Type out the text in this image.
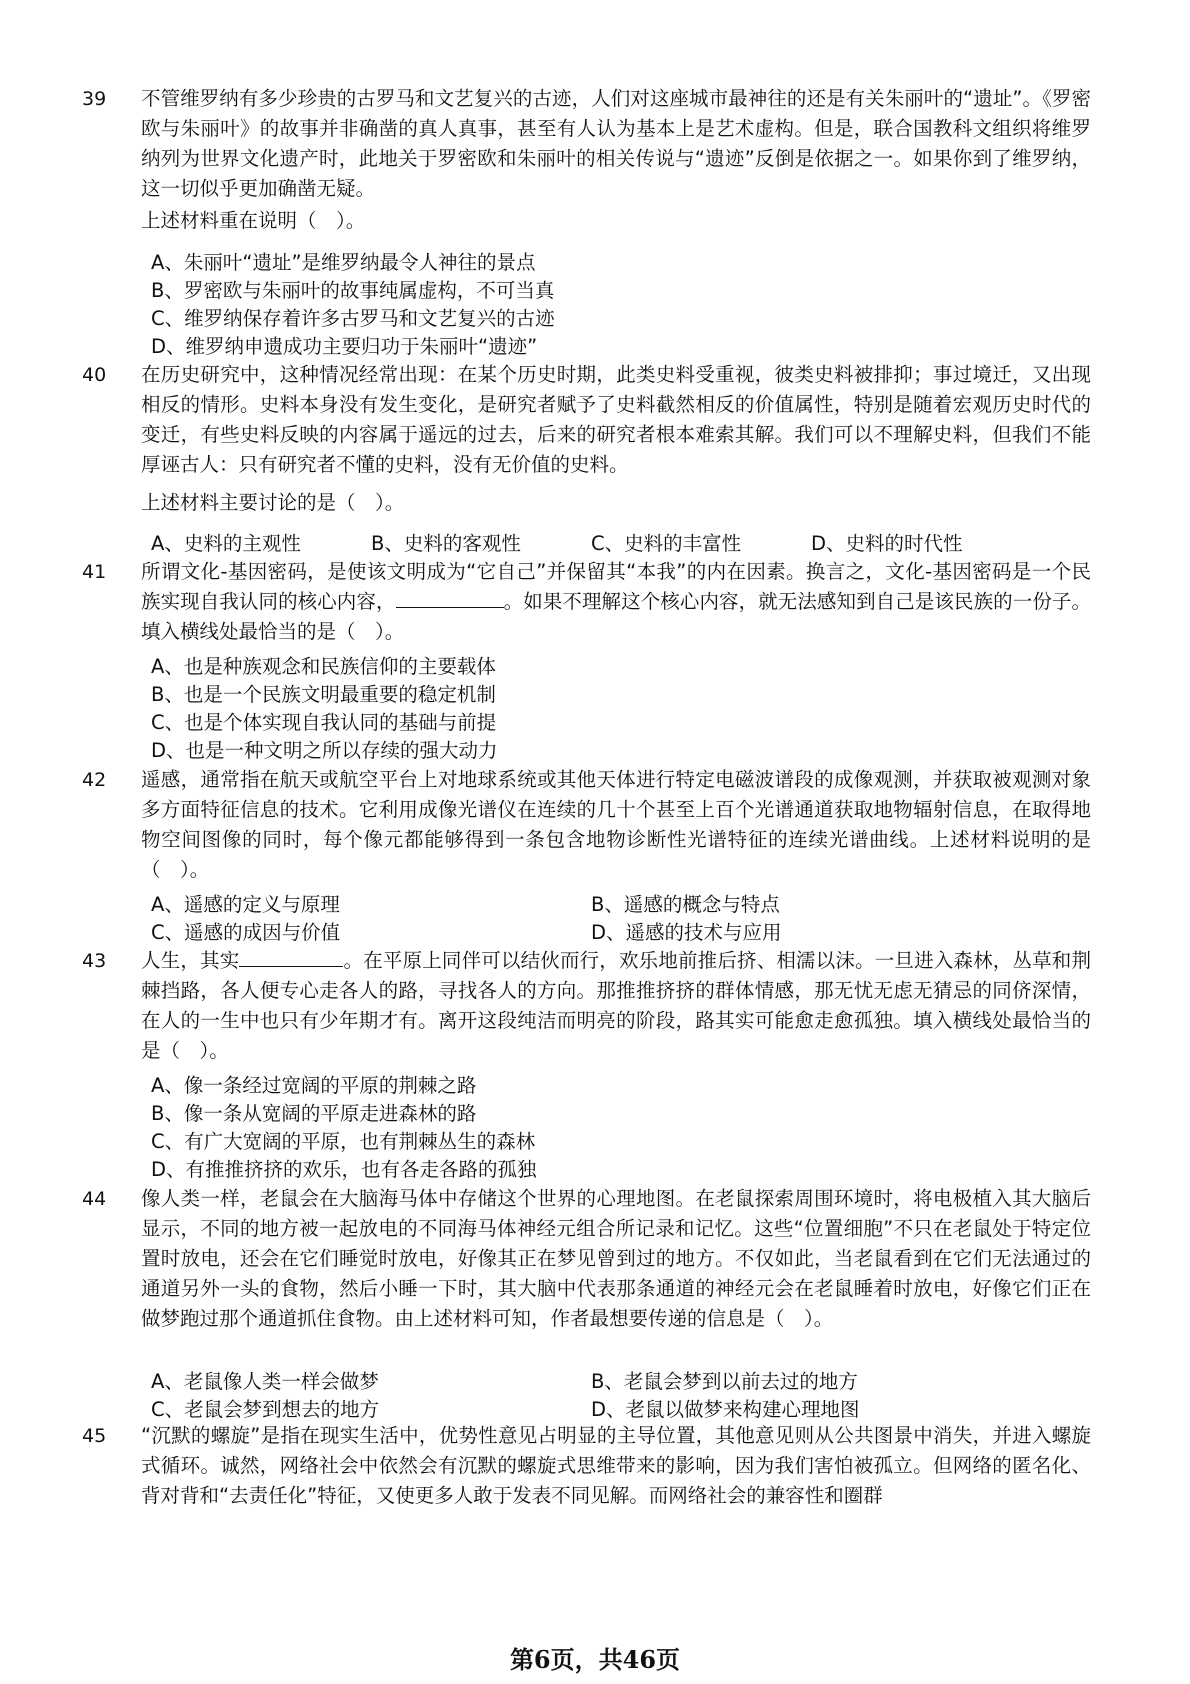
39 不管维罗纳有多少珍贵的古罗马和文艺复兴的古迹，人们对这座城市最神往的还是有关朱丽叶的“遗址”。《罗密欧与朱丽叶》的故事并非确凿的真人真事，甚至有人认为基本上是艺术虚构。但是，联合国教科文组织将维罗纳列为世界文化遗产时，此地关于罗密欧和朱丽叶的相关传说与“遗迹”反倒是依据之一。如果你到了维罗纳，这一切似乎更加确凿无疑。
上述材料重在说明（　）。
A、朱丽叶“遗址”是维罗纳最令人神往的景点
B、罗密欧与朱丽叶的故事纯属虚构，不可当真
C、维罗纳保存着许多古罗马和文艺复兴的古迹
D、维罗纳申遗成功主要归功于朱丽叶“遗迹”
40 在历史研究中，这种情况经常出现：在某个历史时期，此类史料受重视，彼类史料被排抑；事过境迁，又出现相反的情形。史料本身没有发生变化，是研究者赋予了史料截然相反的价值属性，特别是随着宏观历史时代的变迁，有些史料反映的内容属于遥远的过去，后来的研究者根本难索其解。我们可以不理解史料，但我们不能厚诬古人：只有研究者不懂的史料，没有无价值的史料。
上述材料主要讨论的是（　）。
A、史料的主观性	B、史料的客观性	C、史料的丰富性	D、史料的时代性
41 所谓文化-基因密码，是使该文明成为“它自己”并保留其“本我”的内在因素。换言之，文化-基因密码是一个民族实现自我认同的核心内容，	。如果不理解这个核心内容，就无法感知到自己是该民族的一份子。填入横线处最恰当的是（　）。
A、也是种族观念和民族信仰的主要载体
B、也是一个民族文明最重要的稳定机制
C、也是个体实现自我认同的基础与前提
D、也是一种文明之所以存续的强大动力
42 遥感，通常指在航天或航空平台上对地球系统或其他天体进行特定电磁波谱段的成像观测，并获取被观测对象多方面特征信息的技术。它利用成像光谱仪在连续的几十个甚至上百个光谱通道获取地物辐射信息，在取得地物空间图像的同时，每个像元都能够得到一条包含地物诊断性光谱特征的连续光谱曲线。上述材料说明的是（　）。
A、遥感的定义与原理	B、遥感的概念与特点
C、遥感的成因与价值	D、遥感的技术与应用
43 人生，其实	。在平原上同伴可以结伙而行，欢乐地前推后挤、相濡以沫。一旦进入森林，丛草和荆棘挡路，各人便专心走各人的路，寻找各人的方向。那推推挤挤的群体情感，那无忧无虑无猜忌的同侪深情，在人的一生中也只有少年期才有。离开这段纯洁而明亮的阶段，路其实可能愈走愈孤独。填入横线处最恰当的是（　）。
A、像一条经过宽阔的平原的荆棘之路
B、像一条从宽阔的平原走进森林的路
C、有广大宽阔的平原，也有荆棘丛生的森林
D、有推推挤挤的欢乐，也有各走各路的孤独
44 像人类一样，老鼠会在大脑海马体中存储这个世界的心理地图。在老鼠探索周围环境时，将电极植入其大脑后显示，不同的地方被一起放电的不同海马体神经元组合所记录和记忆。这些“位置细胞”不只在老鼠处于特定位置时放电，还会在它们睡觉时放电，好像其正在梦见曾到过的地方。不仅如此，当老鼠看到在它们无法通过的通道另外一头的食物，然后小睡一下时，其大脑中代表那条通道的神经元会在老鼠睡着时放电，好像它们正在做梦跑过那个通道抓住食物。由上述材料可知，作者最想要传递的信息是（　）。
A、老鼠像人类一样会做梦	B、老鼠会梦到以前去过的地方
C、老鼠会梦到想去的地方	D、老鼠以做梦来构建心理地图
45 “沉默的螺旋”是指在现实生活中，优势性意见占明显的主导位置，其他意见则从公共图景中消失，并进入螺旋式循环。诚然，网络社会中依然会有沉默的螺旋式思维带来的影响，因为我们害怕被孤立。但网络的匿名化、背对背和“去责任化”特征，又使更多人敢于发表不同见解。而网络社会的兼容性和圈群
第6页，共46页
